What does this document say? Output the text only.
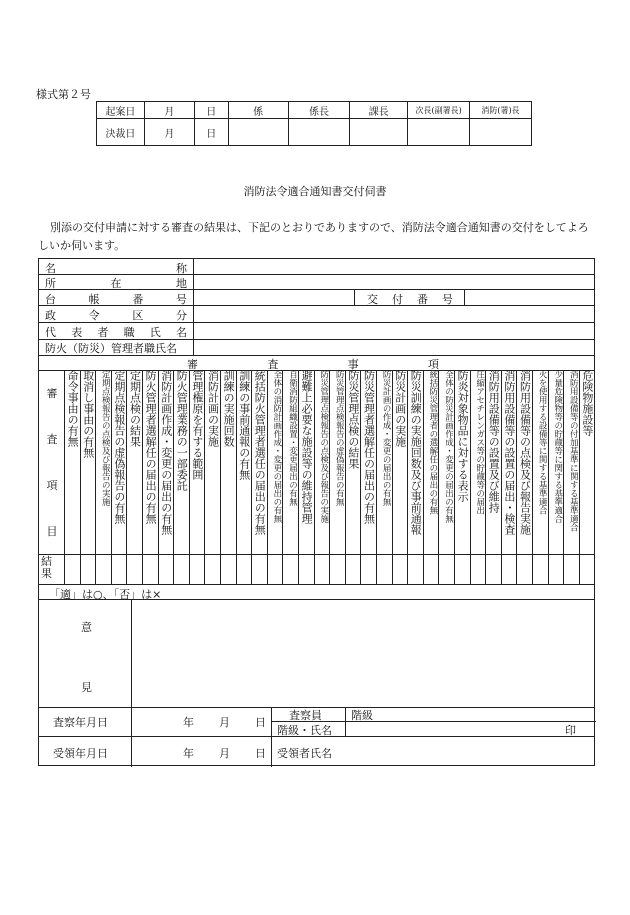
様式第２号
起案日	月	日	係	係長	課長	次長(副署長)	消防(署)長

決裁日	月	日					
消防法令適合通知書交付伺書
別添の交付申請に対する審査の結果は、下記のとおりでありますので、消防法令適合通知書の交付をしてよろしいか伺います。
名	称
所	在	地
台	帳	番	号	交 付 番 号
政	令	区	分
代 表 者 職 氏 名
防火（防災）管理者職氏名
審	査	事	項
審
査
項
目
命令事由の有無 取消し事由の有無 定期点検報告の点検及び報告の実施 定期点検報告の虚偽報告の有無 定期点検の結果 防火管理者選解任の届出の有無 消防計画作成・変更の届出の有無 防火管理業務の一部委託 管理権原を有する範囲 消防計画の実施 訓練の実施回数 訓練の事前通報の有無 統括防火管理者選任の届出の有無 全体の消防計画作成・変更の届出の有無 自衛消防組織設置・変更届出の有無 避難上必要な施設等の維持管理 防災管理点検報告の点検及び報告の実施 防災管理点検報告の虚偽報告の有無 防災管理点検の結果 防災管理者選解任の届出の有無 防災計画の作成・変更の届出の有無 防災計画の実施 防災訓練の実施回数及び事前通報 統括防災管理者の選解任の届出の有無 全体の防災計画作成・変更の届出の有無 防炎対象物品に対する表示 圧縮アセチレンガス等の貯蔵等の届出 消防用設備等の設置及び維持 消防用設備等の設置の届出・検査 消防用設備等の点検及び報告実施 火を使用する設備等に関する基準適合 少量危険物等の貯蔵等に関する基準適合 消防用設備等の付加基準に関する基準適合 危険物施設等
結果
「適」は○、「否」は×
意
見
査察年月日	年 月 日
査察員	階級
階級・氏名	印
受領年月日	年 月 日 受領者氏名
